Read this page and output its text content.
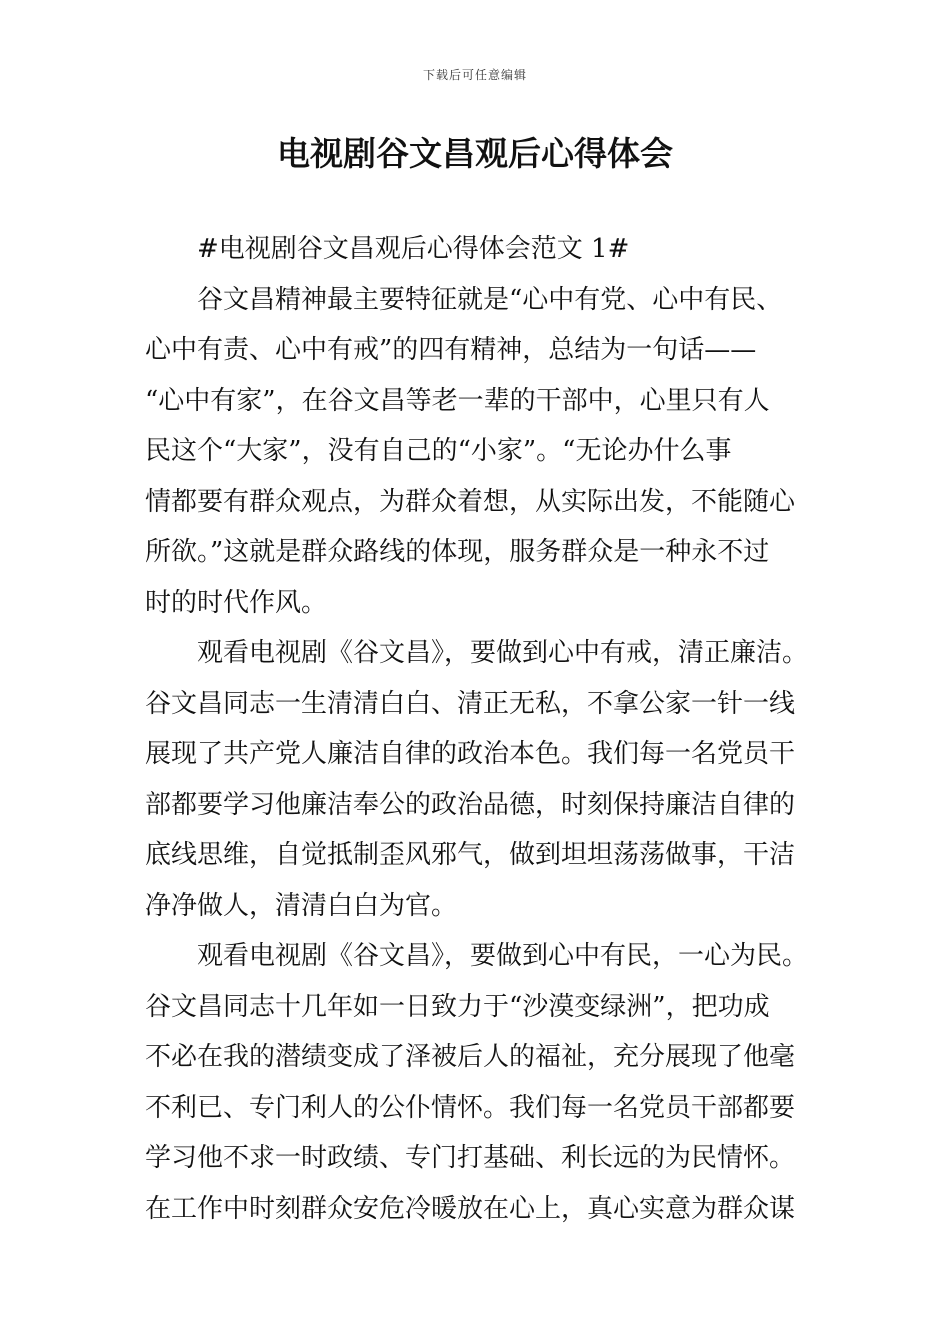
下载后可任意编辑
电视剧谷文昌观后心得体会
#电视剧谷文昌观后心得体会范文 1#
谷文昌精神最主要特征就是“心中有党、心中有民、
心中有责、心中有戒”的四有精神，总结为一句话——
“心中有家”，在谷文昌等老一辈的干部中，心里只有人
民这个“大家”，没有自己的“小家”。“无论办什么事
情都要有群众观点，为群众着想，从实际出发，不能随心
所欲。”这就是群众路线的体现，服务群众是一种永不过
时的时代作风。
观看电视剧《谷文昌》，要做到心中有戒，清正廉洁。
谷文昌同志一生清清白白、清正无私，不拿公家一针一线
展现了共产党人廉洁自律的政治本色。我们每一名党员干
部都要学习他廉洁奉公的政治品德，时刻保持廉洁自律的
底线思维，自觉抵制歪风邪气，做到坦坦荡荡做事，干洁
净净做人，清清白白为官。
观看电视剧《谷文昌》，要做到心中有民，一心为民。
谷文昌同志十几年如一日致力于“沙漠变绿洲”，把功成
不必在我的潜绩变成了泽被后人的福祉，充分展现了他毫
不利已、专门利人的公仆情怀。我们每一名党员干部都要
学习他不求一时政绩、专门打基础、利长远的为民情怀。
在工作中时刻群众安危冷暖放在心上，真心实意为群众谋
